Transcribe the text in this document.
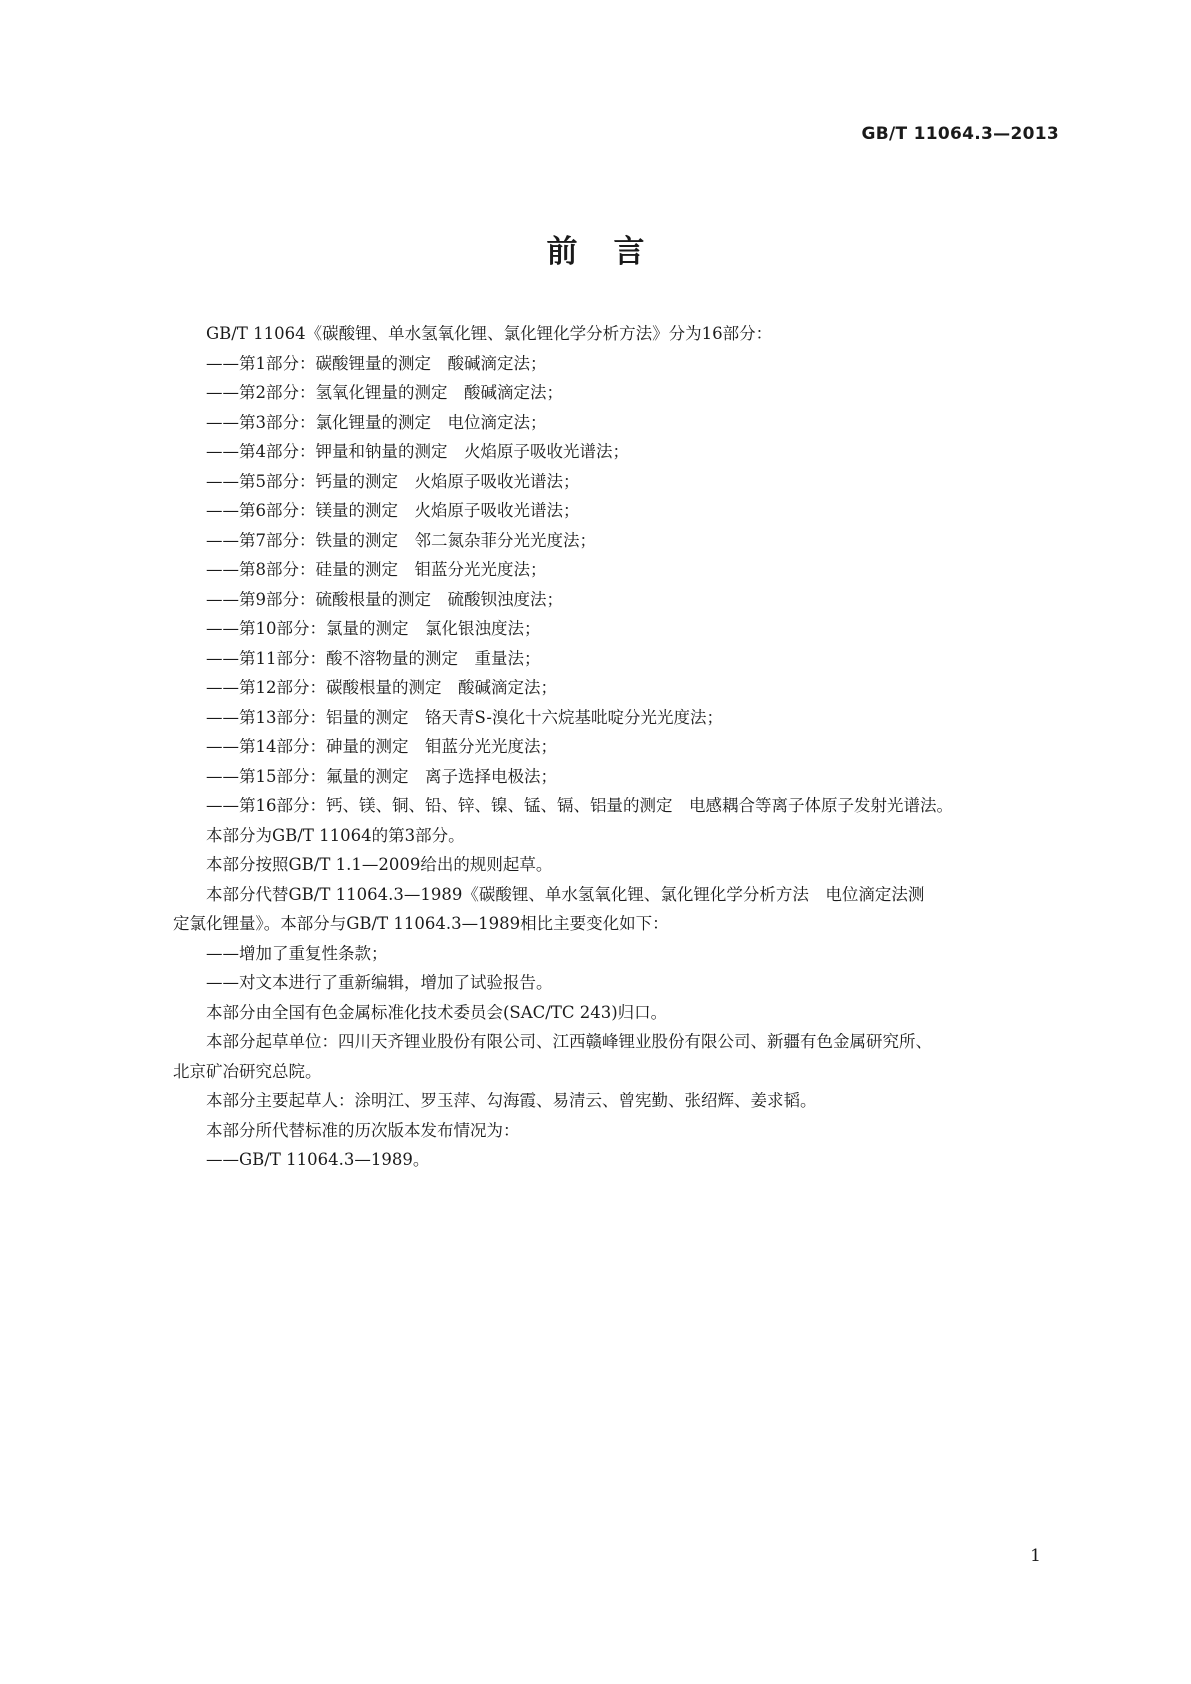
GB/T 11064.3—2013
前言

GB/T 11064《碳酸锂、单水氢氧化锂、氯化锂化学分析方法》分为16部分：

——第1部分：碳酸锂量的测定　酸碱滴定法；

——第2部分：氢氧化锂量的测定　酸碱滴定法；

——第3部分：氯化锂量的测定　电位滴定法；

——第4部分：钾量和钠量的测定　火焰原子吸收光谱法；

——第5部分：钙量的测定　火焰原子吸收光谱法；

——第6部分：镁量的测定　火焰原子吸收光谱法；

——第7部分：铁量的测定　邻二氮杂菲分光光度法；

——第8部分：硅量的测定　钼蓝分光光度法；

——第9部分：硫酸根量的测定　硫酸钡浊度法；

——第10部分：氯量的测定　氯化银浊度法；

——第11部分：酸不溶物量的测定　重量法；

——第12部分：碳酸根量的测定　酸碱滴定法；

——第13部分：铝量的测定　铬天青S-溴化十六烷基吡啶分光光度法；

——第14部分：砷量的测定　钼蓝分光光度法；

——第15部分：氟量的测定　离子选择电极法；

——第16部分：钙、镁、铜、铅、锌、镍、锰、镉、铝量的测定　电感耦合等离子体原子发射光谱法。

本部分为GB/T 11064的第3部分。

本部分按照GB/T 1.1—2009给出的规则起草。

本部分代替GB/T 11064.3—1989《碳酸锂、单水氢氧化锂、氯化锂化学分析方法　电位滴定法测

定氯化锂量》。本部分与GB/T 11064.3—1989相比主要变化如下：

——增加了重复性条款；

——对文本进行了重新编辑，增加了试验报告。

本部分由全国有色金属标准化技术委员会(SAC/TC 243)归口。

本部分起草单位：四川天齐锂业股份有限公司、江西赣峰锂业股份有限公司、新疆有色金属研究所、

北京矿冶研究总院。

本部分主要起草人：涂明江、罗玉萍、勾海霞、易清云、曾宪勤、张绍辉、姜求韬。

本部分所代替标准的历次版本发布情况为：

——GB/T 11064.3—1989。

1
